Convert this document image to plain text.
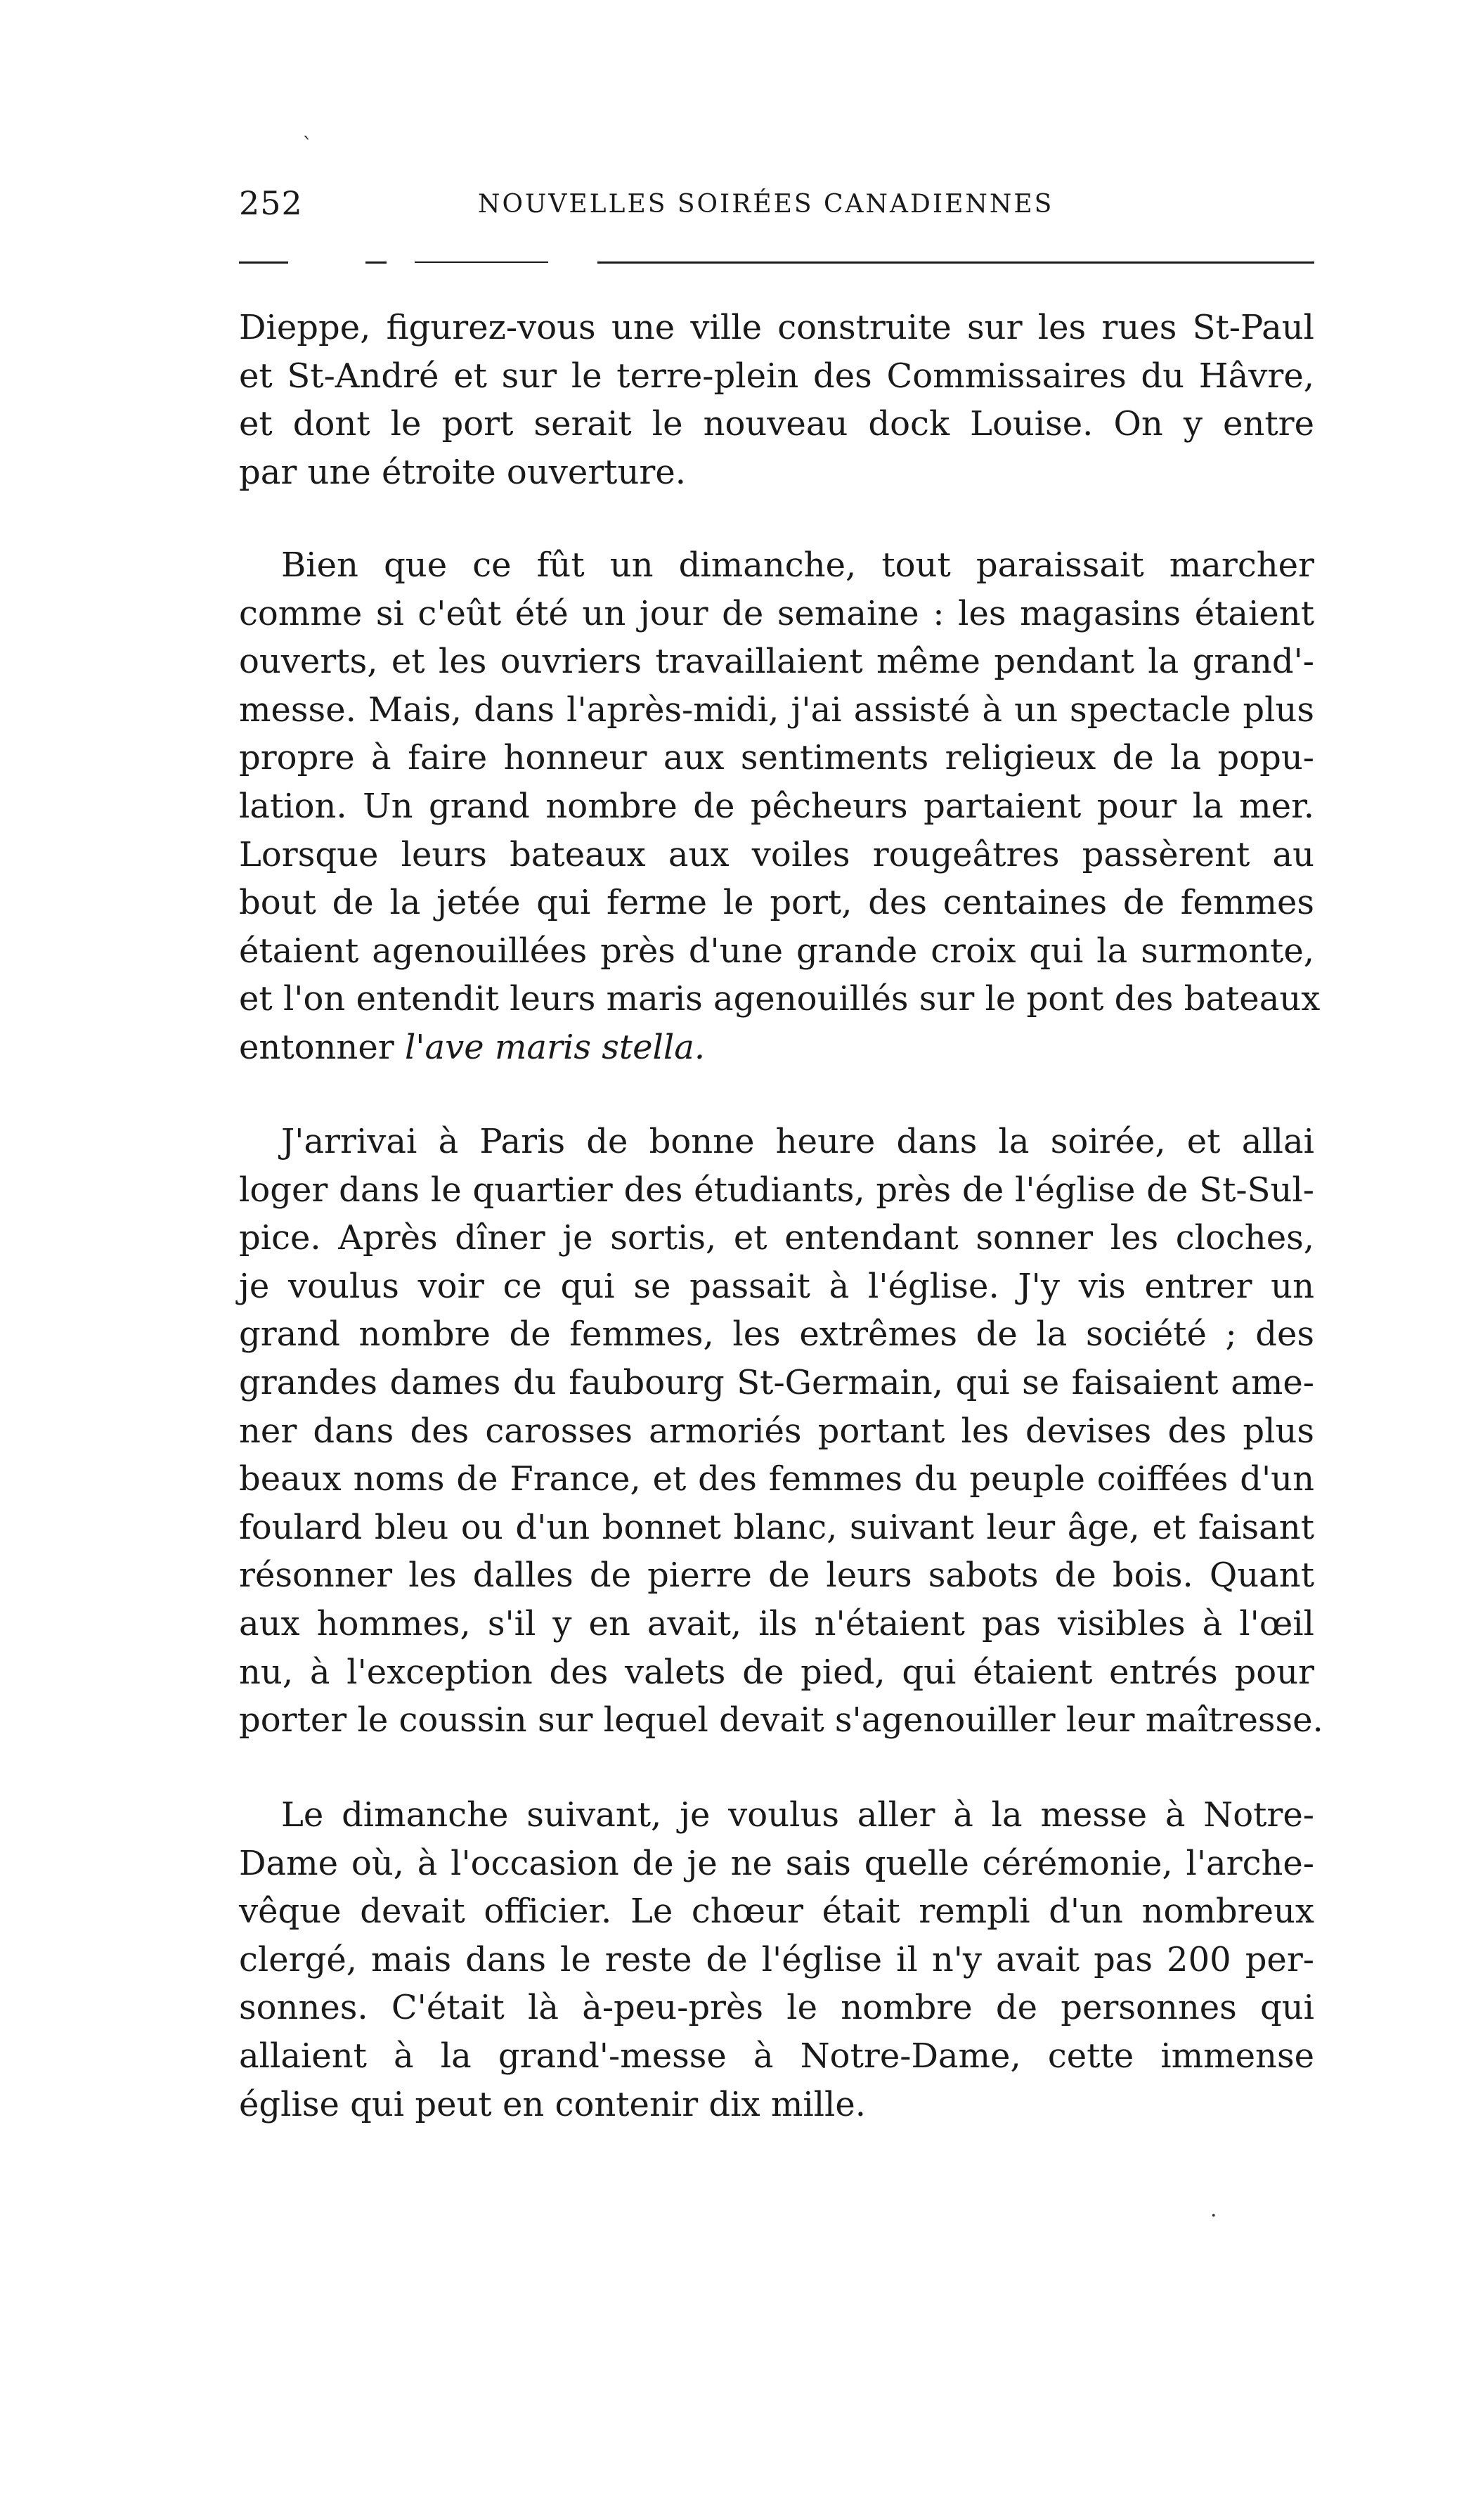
252	NOUVELLES SOIRÉES CANADIENNES

Dieppe, figurez-vous une ville construite sur les rues St-Paul
et St-André et sur le terre-plein des Commissaires du Hâvre,
et dont le port serait le nouveau dock Louise. On y entre
par une étroite ouverture.

Bien que ce fût un dimanche, tout paraissait marcher
comme si c'eût été un jour de semaine : les magasins étaient
ouverts, et les ouvriers travaillaient même pendant la grand'-
messe. Mais, dans l'après-midi, j'ai assisté à un spectacle plus
propre à faire honneur aux sentiments religieux de la popu-
lation. Un grand nombre de pêcheurs partaient pour la mer.
Lorsque leurs bateaux aux voiles rougeâtres passèrent au
bout de la jetée qui ferme le port, des centaines de femmes
étaient agenouillées près d'une grande croix qui la surmonte,
et l'on entendit leurs maris agenouillés sur le pont des bateaux
entonner l'ave maris stella.

J'arrivai à Paris de bonne heure dans la soirée, et allai
loger dans le quartier des étudiants, près de l'église de St-Sul-
pice. Après dîner je sortis, et entendant sonner les cloches,
je voulus voir ce qui se passait à l'église. J'y vis entrer un
grand nombre de femmes, les extrêmes de la société ; des
grandes dames du faubourg St-Germain, qui se faisaient ame-
ner dans des carosses armoriés portant les devises des plus
beaux noms de France, et des femmes du peuple coiffées d'un
foulard bleu ou d'un bonnet blanc, suivant leur âge, et faisant
résonner les dalles de pierre de leurs sabots de bois. Quant
aux hommes, s'il y en avait, ils n'étaient pas visibles à l'œil
nu, à l'exception des valets de pied, qui étaient entrés pour
porter le coussin sur lequel devait s'agenouiller leur maîtresse.

Le dimanche suivant, je voulus aller à la messe à Notre-
Dame où, à l'occasion de je ne sais quelle cérémonie, l'arche-
vêque devait officier. Le chœur était rempli d'un nombreux
clergé, mais dans le reste de l'église il n'y avait pas 200 per-
sonnes. C'était là à-peu-près le nombre de personnes qui
allaient à la grand'-messe à Notre-Dame, cette immense
église qui peut en contenir dix mille.

`
·
